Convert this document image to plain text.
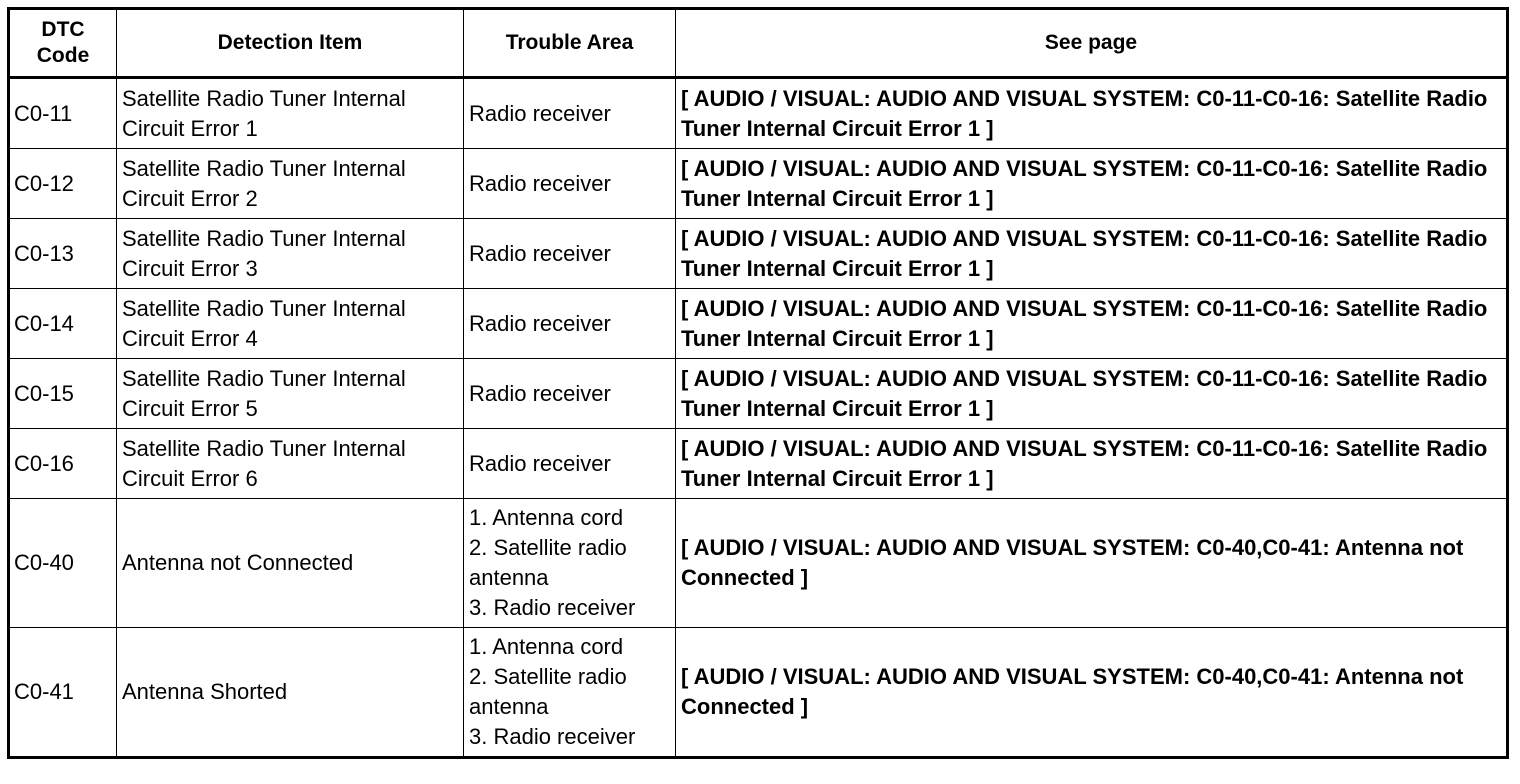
DTC Code	Detection Item	Trouble Area	See page
C0-11	Satellite Radio Tuner Internal Circuit Error 1	Radio receiver	[ AUDIO / VISUAL: AUDIO AND VISUAL SYSTEM: C0-11-C0-16: Satellite Radio Tuner Internal Circuit Error 1 ]
C0-12	Satellite Radio Tuner Internal Circuit Error 2	Radio receiver	[ AUDIO / VISUAL: AUDIO AND VISUAL SYSTEM: C0-11-C0-16: Satellite Radio Tuner Internal Circuit Error 1 ]
C0-13	Satellite Radio Tuner Internal Circuit Error 3	Radio receiver	[ AUDIO / VISUAL: AUDIO AND VISUAL SYSTEM: C0-11-C0-16: Satellite Radio Tuner Internal Circuit Error 1 ]
C0-14	Satellite Radio Tuner Internal Circuit Error 4	Radio receiver	[ AUDIO / VISUAL: AUDIO AND VISUAL SYSTEM: C0-11-C0-16: Satellite Radio Tuner Internal Circuit Error 1 ]
C0-15	Satellite Radio Tuner Internal Circuit Error 5	Radio receiver	[ AUDIO / VISUAL: AUDIO AND VISUAL SYSTEM: C0-11-C0-16: Satellite Radio Tuner Internal Circuit Error 1 ]
C0-16	Satellite Radio Tuner Internal Circuit Error 6	Radio receiver	[ AUDIO / VISUAL: AUDIO AND VISUAL SYSTEM: C0-11-C0-16: Satellite Radio Tuner Internal Circuit Error 1 ]
C0-40	Antenna not Connected	1. Antenna cord
2. Satellite radio antenna
3. Radio receiver	[ AUDIO / VISUAL: AUDIO AND VISUAL SYSTEM: C0-40,C0-41: Antenna not Connected ]
C0-41	Antenna Shorted	1. Antenna cord
2. Satellite radio antenna
3. Radio receiver	[ AUDIO / VISUAL: AUDIO AND VISUAL SYSTEM: C0-40,C0-41: Antenna not Connected ]
